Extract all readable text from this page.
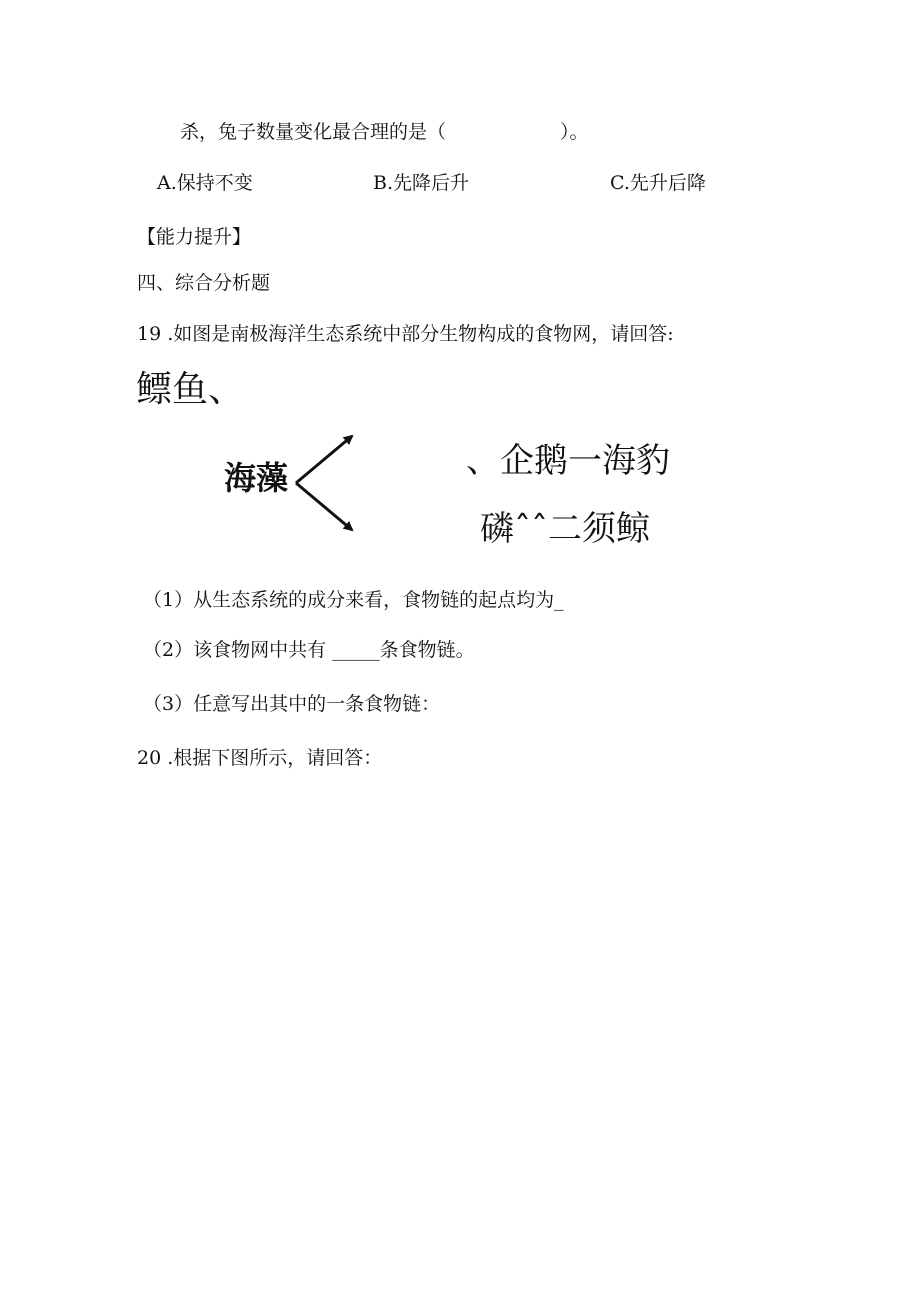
杀，兔子数量变化最合理的是（　　　　　　）。
A.保持不变	B.先降后升	C.先升后降
【能力提升】
四、综合分析题
19 .如图是南极海洋生态系统中部分生物构成的食物网，请回答:
鳔鱼、
海藻	、企鹅一海豹
磷ˆˆ二须鲸
（1）从生态系统的成分来看，食物链的起点均为_
（2）该食物网中共有 _____条食物链。
（3）任意写出其中的一条食物链：
20 .根据下图所示，请回答：
